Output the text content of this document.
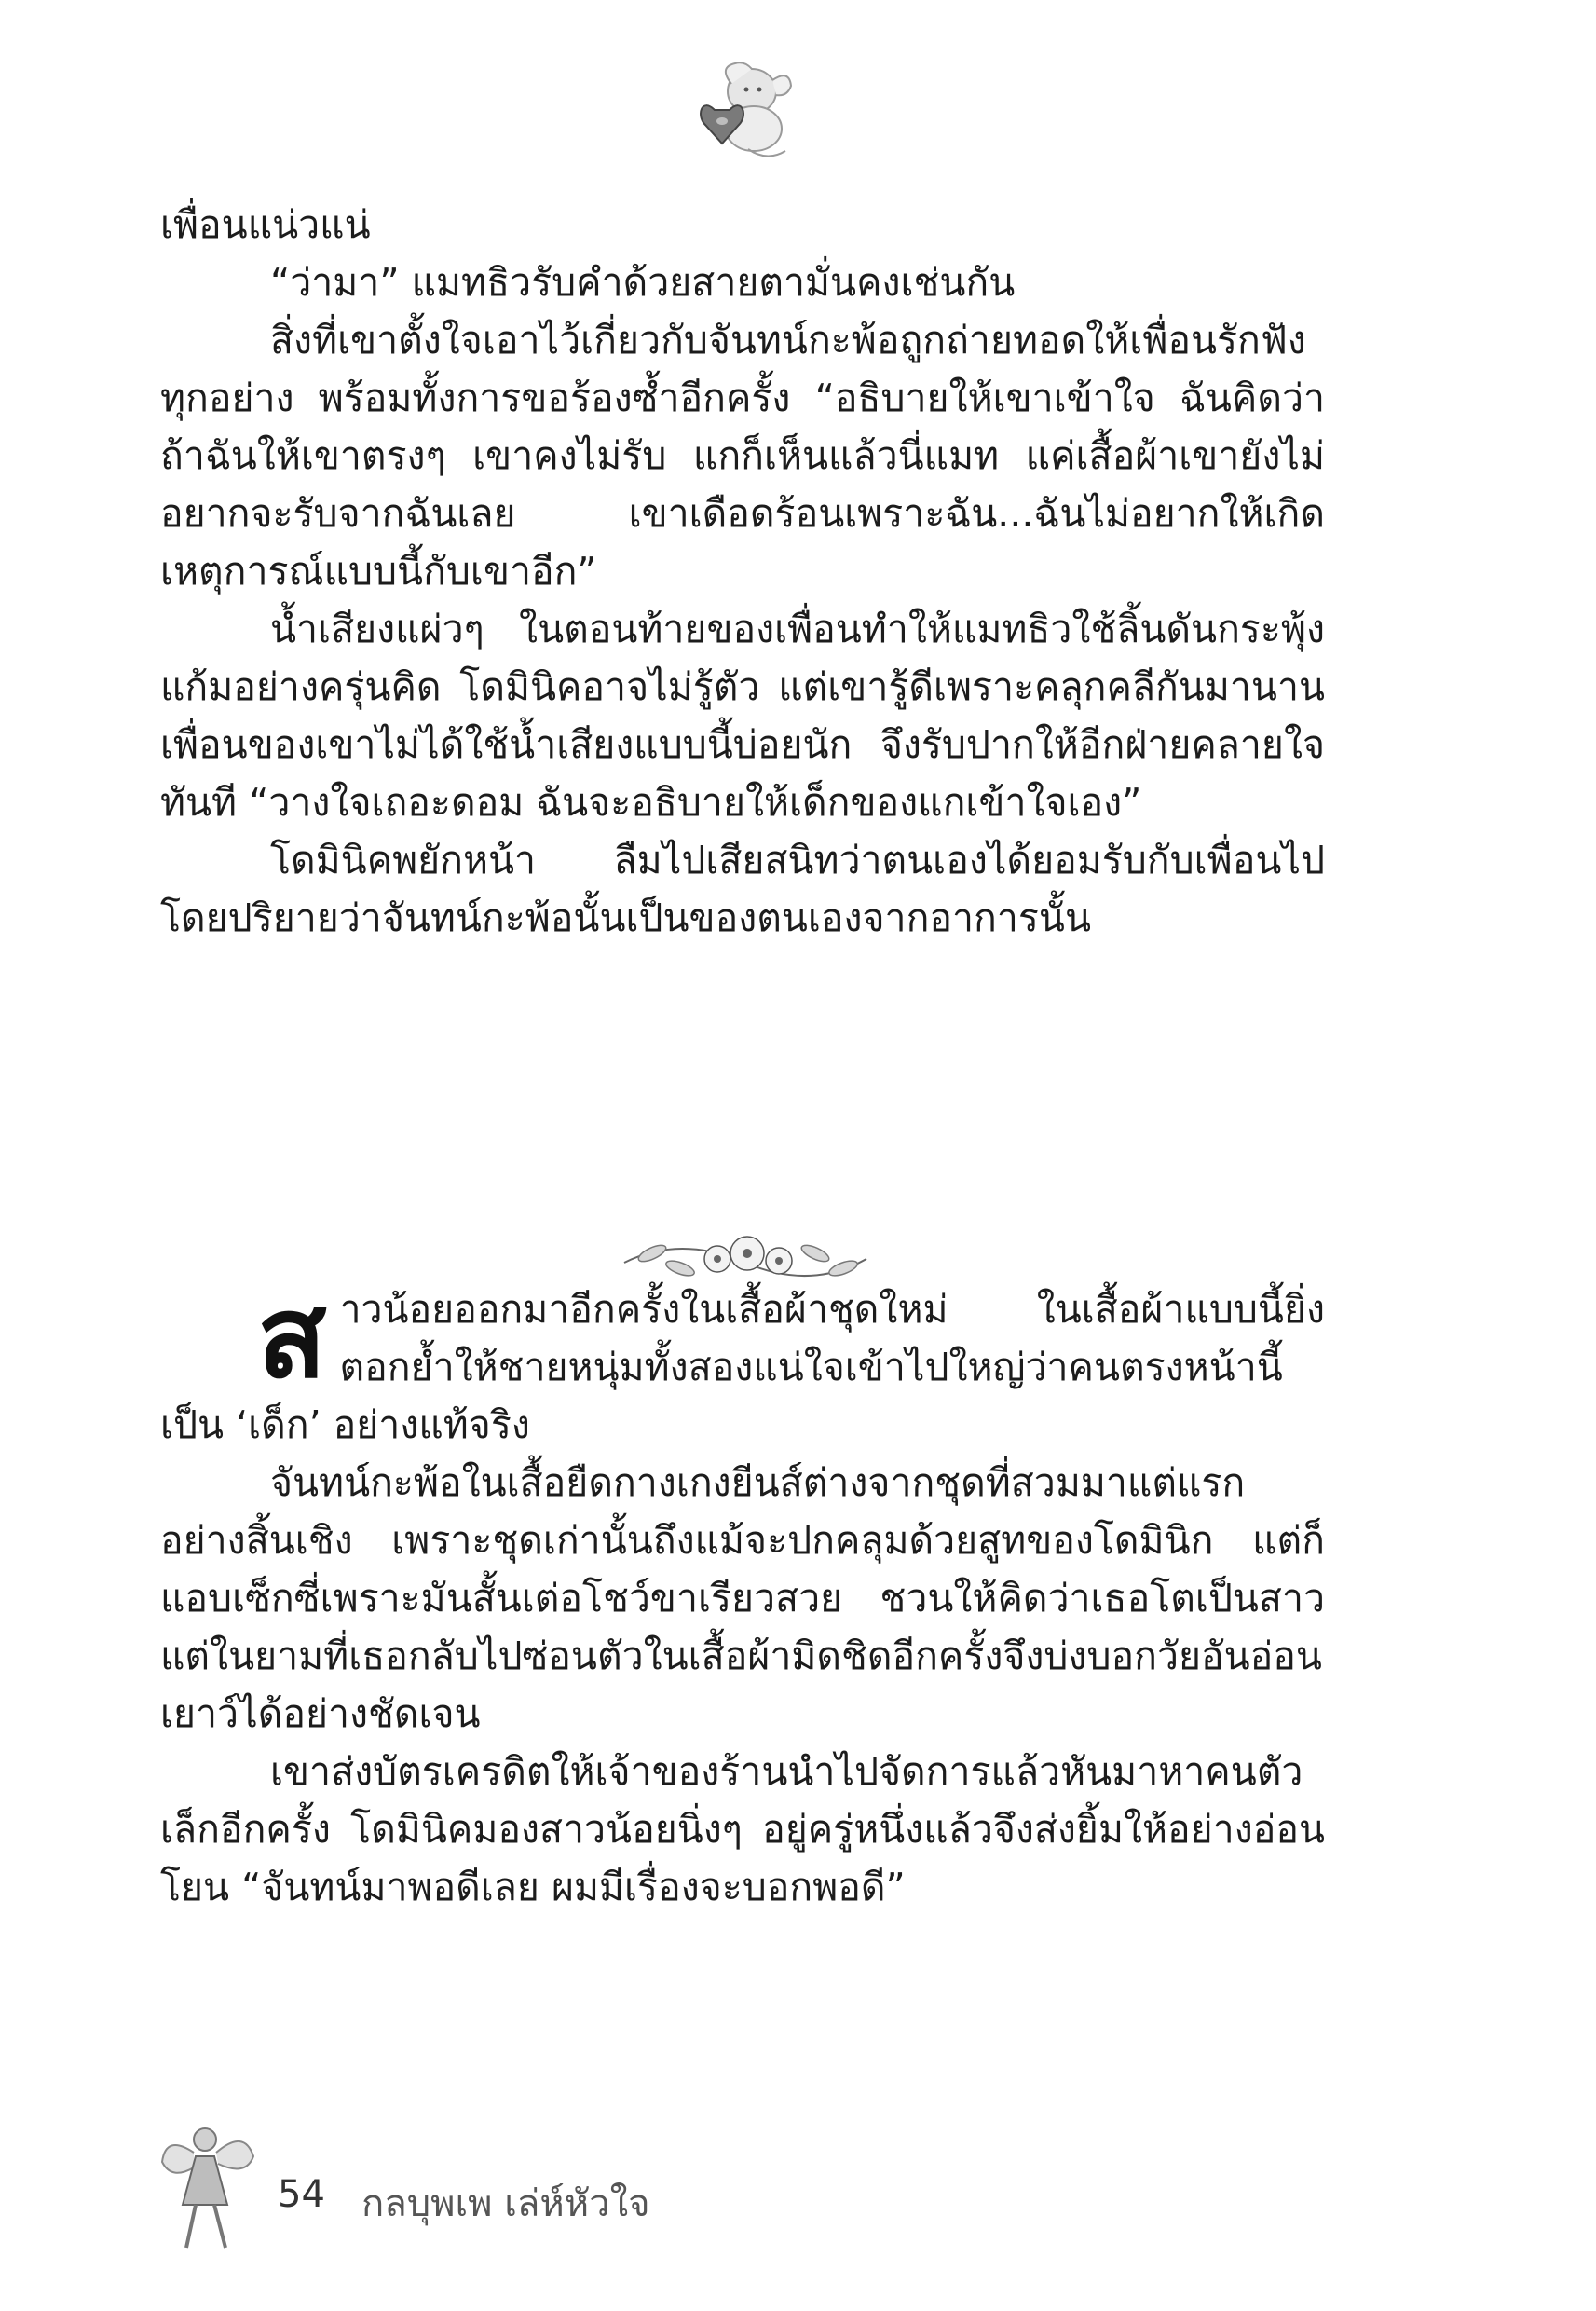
เพื่อนแน่วแน่

“ว่ามา” แมทธิวรับคำด้วยสายตามั่นคงเช่นกัน

สิ่งที่เขาตั้งใจเอาไว้เกี่ยวกับจันทน์กะพ้อถูกถ่ายทอดให้เพื่อนรักฟังทุกอย่าง พร้อมทั้งการขอร้องซ้ำอีกครั้ง “อธิบายให้เขาเข้าใจ ฉันคิดว่าถ้าฉันให้เขาตรงๆ เขาคงไม่รับ แกก็เห็นแล้วนี่แมท แค่เสื้อผ้าเขายังไม่อยากจะรับจากฉันเลย เขาเดือดร้อนเพราะฉัน...ฉันไม่อยากให้เกิดเหตุการณ์แบบนี้กับเขาอีก”

น้ำเสียงแผ่วๆ ในตอนท้ายของเพื่อนทำให้แมทธิวใช้ลิ้นดันกระพุ้งแก้มอย่างครุ่นคิด โดมินิคอาจไม่รู้ตัว แต่เขารู้ดีเพราะคลุกคลีกันมานาน เพื่อนของเขาไม่ได้ใช้น้ำเสียงแบบนี้บ่อยนัก จึงรับปากให้อีกฝ่ายคลายใจทันที “วางใจเถอะดอม ฉันจะอธิบายให้เด็กของแกเข้าใจเอง”

โดมินิคพยักหน้า ลืมไปเสียสนิทว่าตนเองได้ยอมรับกับเพื่อนไปโดยปริยายว่าจันทน์กะพ้อนั้นเป็นของตนเองจากอาการนั้น

สาวน้อยออกมาอีกครั้งในเสื้อผ้าชุดใหม่ ในเสื้อผ้าแบบนี้ยิ่งตอกย้ำให้ชายหนุ่มทั้งสองแน่ใจเข้าไปใหญ่ว่าคนตรงหน้านี้เป็น ‘เด็ก’ อย่างแท้จริง

จันทน์กะพ้อในเสื้อยืดกางเกงยีนส์ต่างจากชุดที่สวมมาแต่แรกอย่างสิ้นเชิง เพราะชุดเก่านั้นถึงแม้จะปกคลุมด้วยสูทของโดมินิก แต่ก็แอบเซ็กซี่เพราะมันสั้นเต่อโชว์ขาเรียวสวย ชวนให้คิดว่าเธอโตเป็นสาวแต่ในยามที่เธอกลับไปซ่อนตัวในเสื้อผ้ามิดชิดอีกครั้งจึงบ่งบอกวัยอันอ่อนเยาว์ได้อย่างชัดเจน

เขาส่งบัตรเครดิตให้เจ้าของร้านนำไปจัดการแล้วหันมาหาคนตัวเล็กอีกครั้ง โดมินิคมองสาวน้อยนิ่งๆ อยู่ครู่หนึ่งแล้วจึงส่งยิ้มให้อย่างอ่อนโยน “จันทน์มาพอดีเลย ผมมีเรื่องจะบอกพอดี”

54 กลบุพเพ เล่ห์หัวใจ
